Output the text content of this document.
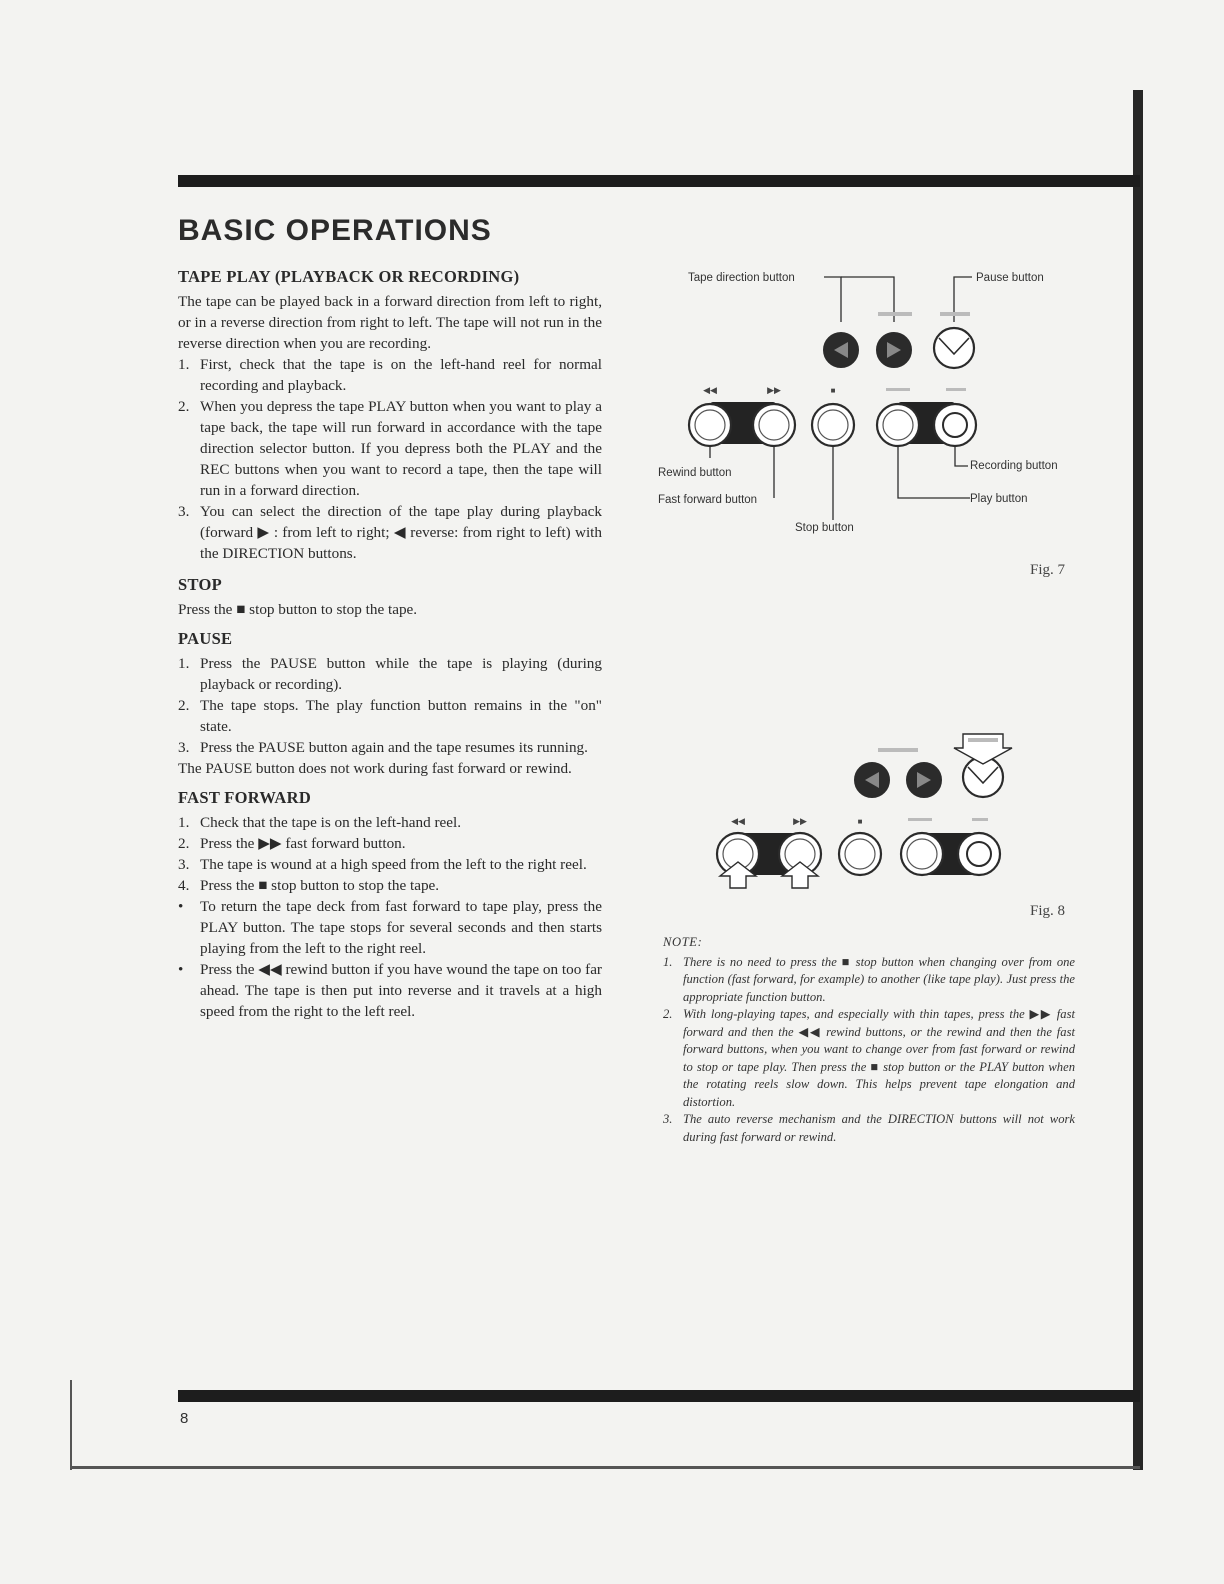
BASIC OPERATIONS
TAPE PLAY (PLAYBACK OR RECORDING)

The tape can be played back in a forward direction from left to right, or in a reverse direction from right to left. The tape will not run in the reverse direction when you are recording.

1. First, check that the tape is on the left-hand reel for normal recording and playback.
2. When you depress the tape PLAY button when you want to play a tape back, the tape will run forward in accordance with the tape direction selector button. If you depress both the PLAY and the REC buttons when you want to record a tape, then the tape will run in a forward direction.
3. You can select the direction of the tape play during playback (forward ▶ : from left to right; ◀ reverse: from right to left) with the DIRECTION buttons.
STOP

Press the ■ stop button to stop the tape.

PAUSE
1. Press the PAUSE button while the tape is playing (during playback or recording).
2. The tape stops. The play function button remains in the "on" state.
3. Press the PAUSE button again and the tape resumes its running.

The PAUSE button does not work during fast forward or rewind.

FAST FORWARD
1. Check that the tape is on the left-hand reel.
2. Press the ▶▶ fast forward button.
3. The tape is wound at a high speed from the left to the right reel.
4. Press the ■ stop button to stop the tape.
• To return the tape deck from fast forward to tape play, press the PLAY button. The tape stops for several seconds and then starts playing from the left to the right reel.
• Press the ◀◀ rewind button if you have wound the tape on too far ahead. The tape is then put into reverse and it travels at a high speed from the right to the left reel.
◀◀	▶▶	■
Tape direction button	Pause button
Rewind button
Fast forward button
Stop button
Recording button
Play button
Fig. 7
◀◀	▶▶	■
Fig. 8
NOTE:
1. There is no need to press the ■ stop button when changing over from one function (fast forward, for example) to another (like tape play). Just press the appropriate function button.
2. With long-playing tapes, and especially with thin tapes, press the ▶▶ fast forward and then the ◀◀ rewind buttons, or the rewind and then the fast forward buttons, when you want to change over from fast forward or rewind to stop or tape play. Then press the ■ stop button or the PLAY button when the rotating reels slow down. This helps prevent tape elongation and distortion.
3. The auto reverse mechanism and the DIRECTION buttons will not work during fast forward or rewind.
8
